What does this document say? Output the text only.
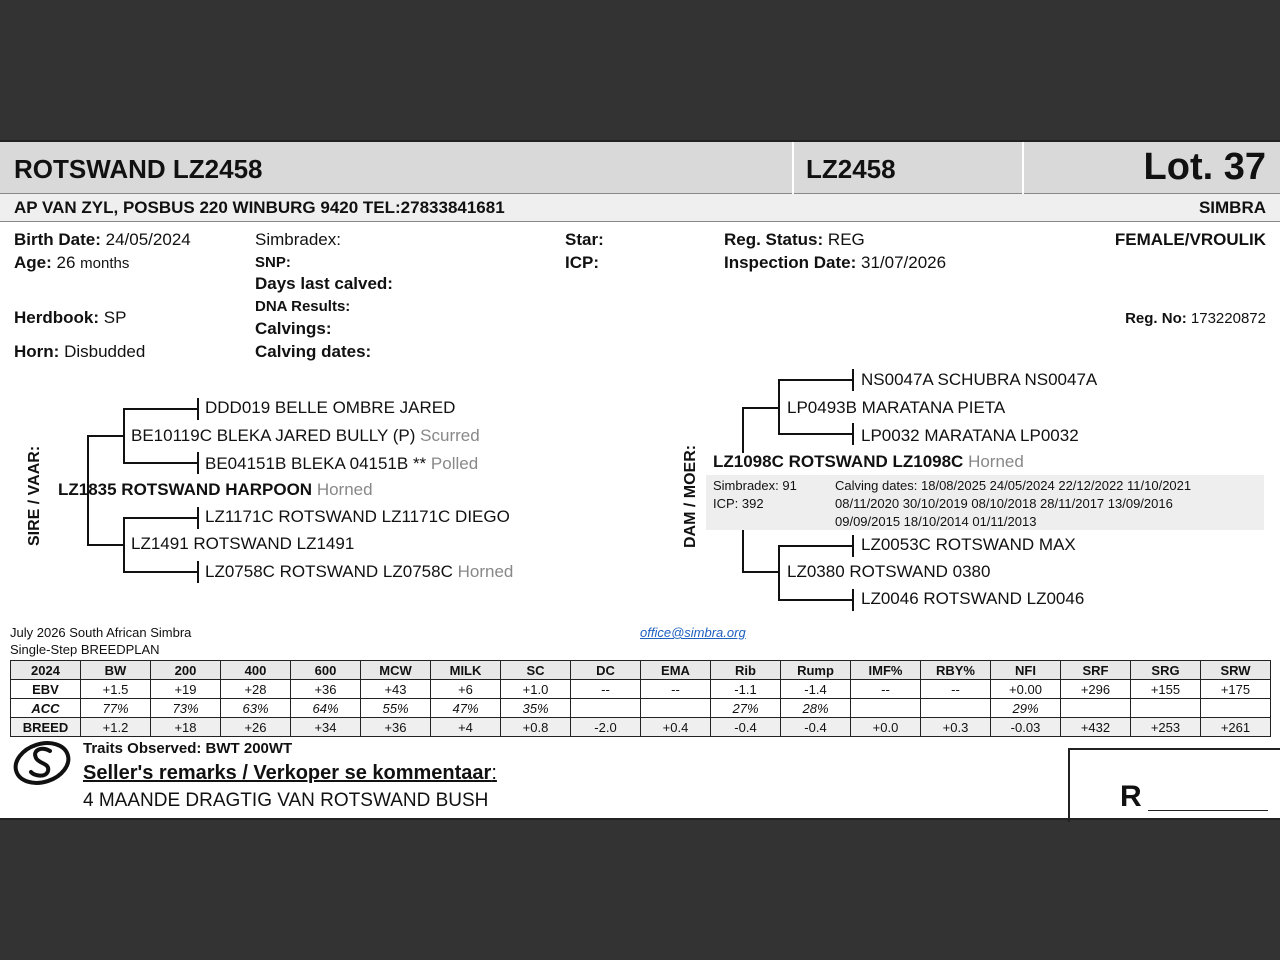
ROTSWAND LZ2458	LZ2458	Lot. 37
AP VAN ZYL, POSBUS 220 WINBURG 9420 TEL:27833841681	SIMBRA
Birth Date: 24/05/2024
Age: 26 months
Herdbook: SP
Horn: Disbudded
Simbradex:
SNP:
Days last calved:
DNA Results:
Calvings:
Calving dates:
Star:
ICP:
Reg. Status: REG
Inspection Date: 31/07/2026
FEMALE/VROULIK
Reg. No: 173220872
SIRE / VAAR:
DDD019 BELLE OMBRE JARED
BE10119C BLEKA JARED BULLY (P) Scurred
BE04151B BLEKA 04151B ** Polled
LZ1835 ROTSWAND HARPOON Horned
LZ1171C ROTSWAND LZ1171C DIEGO
LZ1491 ROTSWAND LZ1491
LZ0758C ROTSWAND LZ0758C Horned
DAM / MOER:
NS0047A SCHUBRA NS0047A
LP0493B MARATANA PIETA
LP0032 MARATANA LP0032
LZ1098C ROTSWAND LZ1098C Horned
Simbradex: 91
ICP: 392
Calving dates: 18/08/2025 24/05/2024 22/12/2022 11/10/2021
08/11/2020 30/10/2019 08/10/2018 28/11/2017 13/09/2016
09/09/2015 18/10/2014 01/11/2013
LZ0053C ROTSWAND MAX
LZ0380 ROTSWAND 0380
LZ0046 ROTSWAND LZ0046
July 2026 South African Simbra
Single-Step BREEDPLAN
office@simbra.org
2024	BW	200	400	600	MCW	MILK	SC	DC	EMA	Rib	Rump	IMF%	RBY%	NFI	SRF	SRG	SRW
EBV	+1.5	+19	+28	+36	+43	+6	+1.0	--	--	-1.1	-1.4	--	--	+0.00	+296	+155	+175
ACC	77%	73%	63%	64%	55%	47%	35%			27%	28%			29%			
BREED	+1.2	+18	+26	+34	+36	+4	+0.8	-2.0	+0.4	-0.4	-0.4	+0.0	+0.3	-0.03	+432	+253	+261
Traits Observed: BWT 200WT
Seller's remarks / Verkoper se kommentaar:
4 MAANDE DRAGTIG VAN ROTSWAND BUSH	R
